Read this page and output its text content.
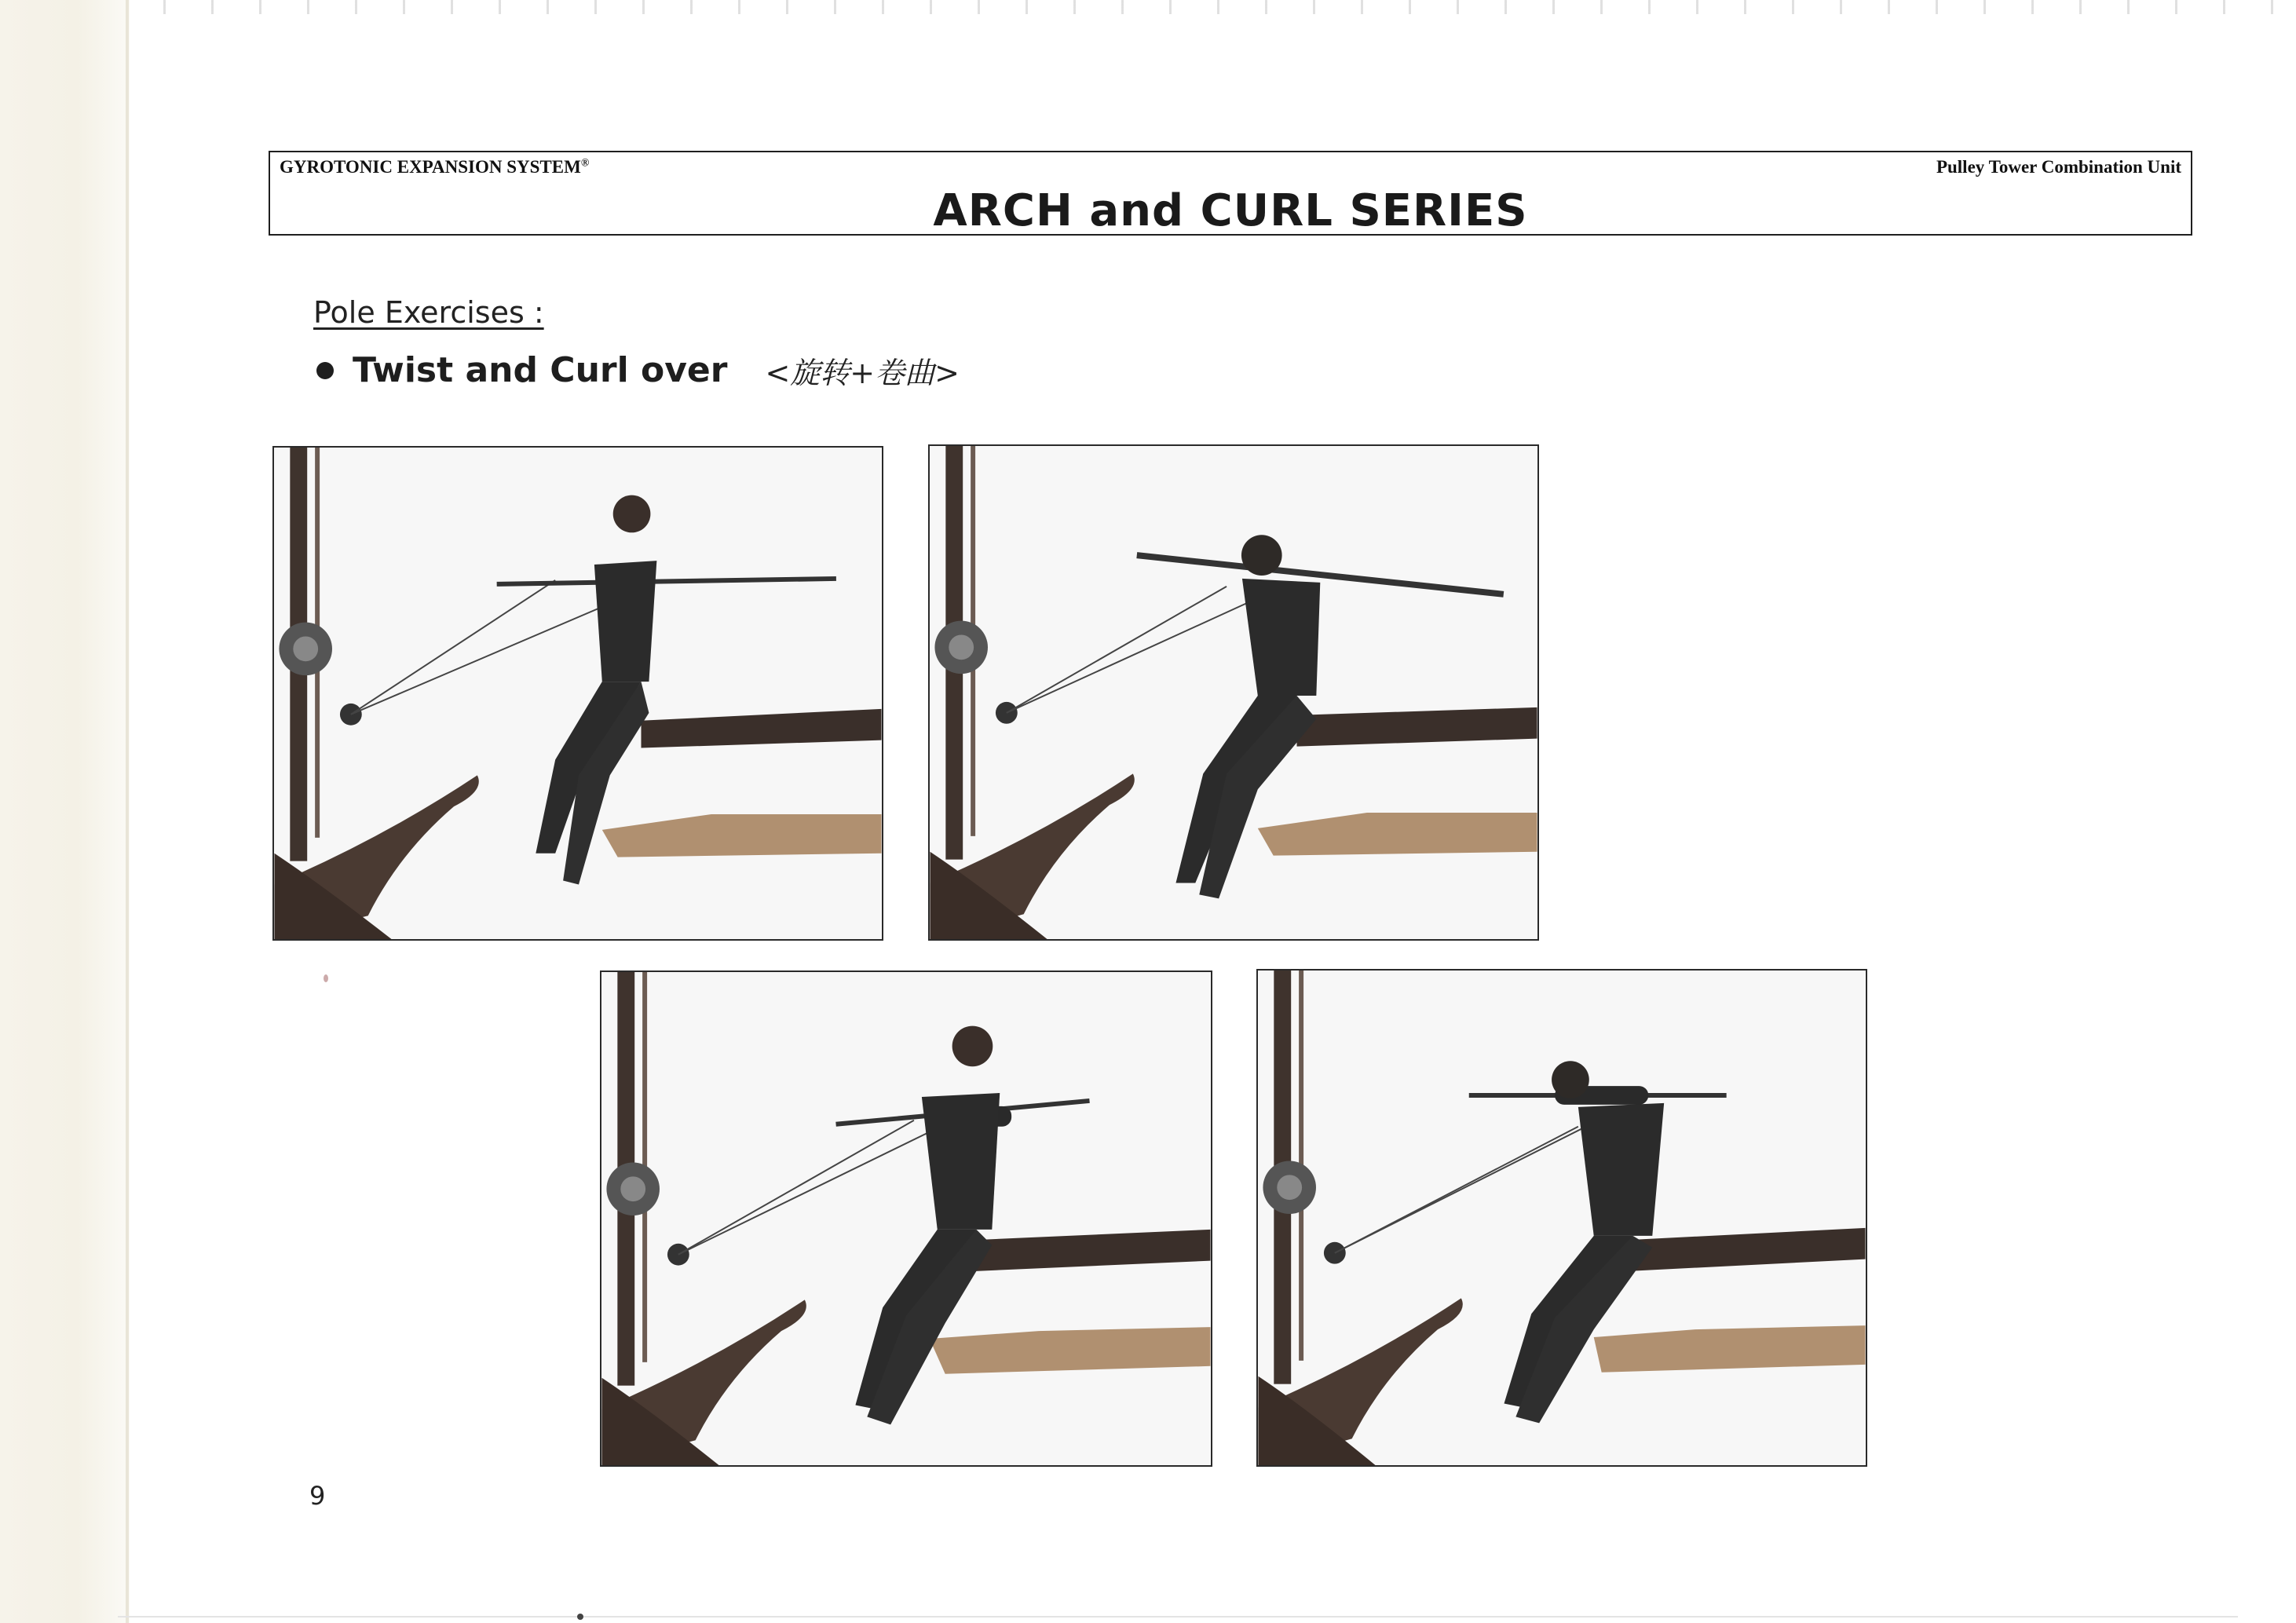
GYROTONIC EXPANSION SYSTEM®	Pulley Tower Combination Unit
ARCH and CURL SERIES
Pole Exercises :
Twist and Curl over <旋转+卷曲>
9
